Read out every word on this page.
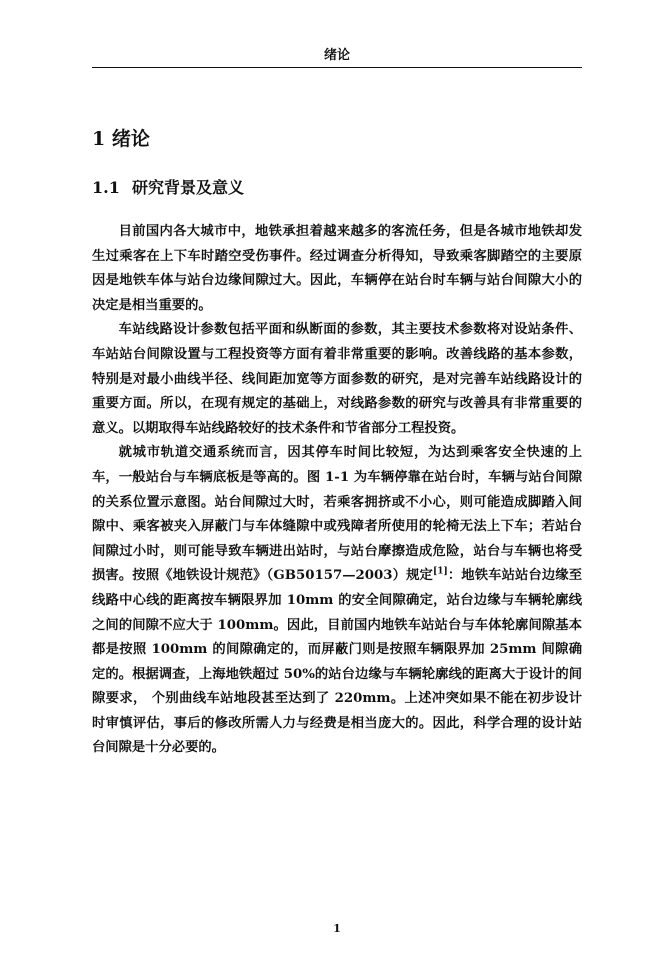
绪论
1 绪论
1.1 研究背景及意义

目前国内各大城市中，地铁承担着越来越多的客流任务，但是各城市地铁却发生过乘客在上下车时踏空受伤事件。经过调查分析得知，导致乘客脚踏空的主要原因是地铁车体与站台边缘间隙过大。因此，车辆停在站台时车辆与站台间隙大小的决定是相当重要的。

车站线路设计参数包括平面和纵断面的参数，其主要技术参数将对设站条件、车站站台间隙设置与工程投资等方面有着非常重要的影响。改善线路的基本参数，特别是对最小曲线半径、线间距加宽等方面参数的研究，是对完善车站线路设计的重要方面。所以，在现有规定的基础上，对线路参数的研究与改善具有非常重要的意义。以期取得车站线路较好的技术条件和节省部分工程投资。

就城市轨道交通系统而言，因其停车时间比较短，为达到乘客安全快速的上车，一般站台与车辆底板是等高的。图 1-1 为车辆停靠在站台时，车辆与站台间隙的关系位置示意图。站台间隙过大时，若乘客拥挤或不小心，则可能造成脚踏入间隙中、乘客被夹入屏蔽门与车体缝隙中或残障者所使用的轮椅无法上下车；若站台间隙过小时，则可能导致车辆进出站时，与站台摩擦造成危险，站台与车辆也将受损害。按照《地铁设计规范》（GB50157—2003）规定[1]：地铁车站站台边缘至线路中心线的距离按车辆限界加 10mm 的安全间隙确定，站台边缘与车辆轮廓线之间的间隙不应大于 100mm。因此，目前国内地铁车站站台与车体轮廓间隙基本都是按照 100mm 的间隙确定的，而屏蔽门则是按照车辆限界加 25mm 间隙确定的。根据调查，上海地铁超过 50%的站台边缘与车辆轮廓线的距离大于设计的间隙要求， 个别曲线车站地段甚至达到了 220mm。上述冲突如果不能在初步设计时审慎评估，事后的修改所需人力与经费是相当庞大的。因此，科学合理的设计站台间隙是十分必要的。

1
